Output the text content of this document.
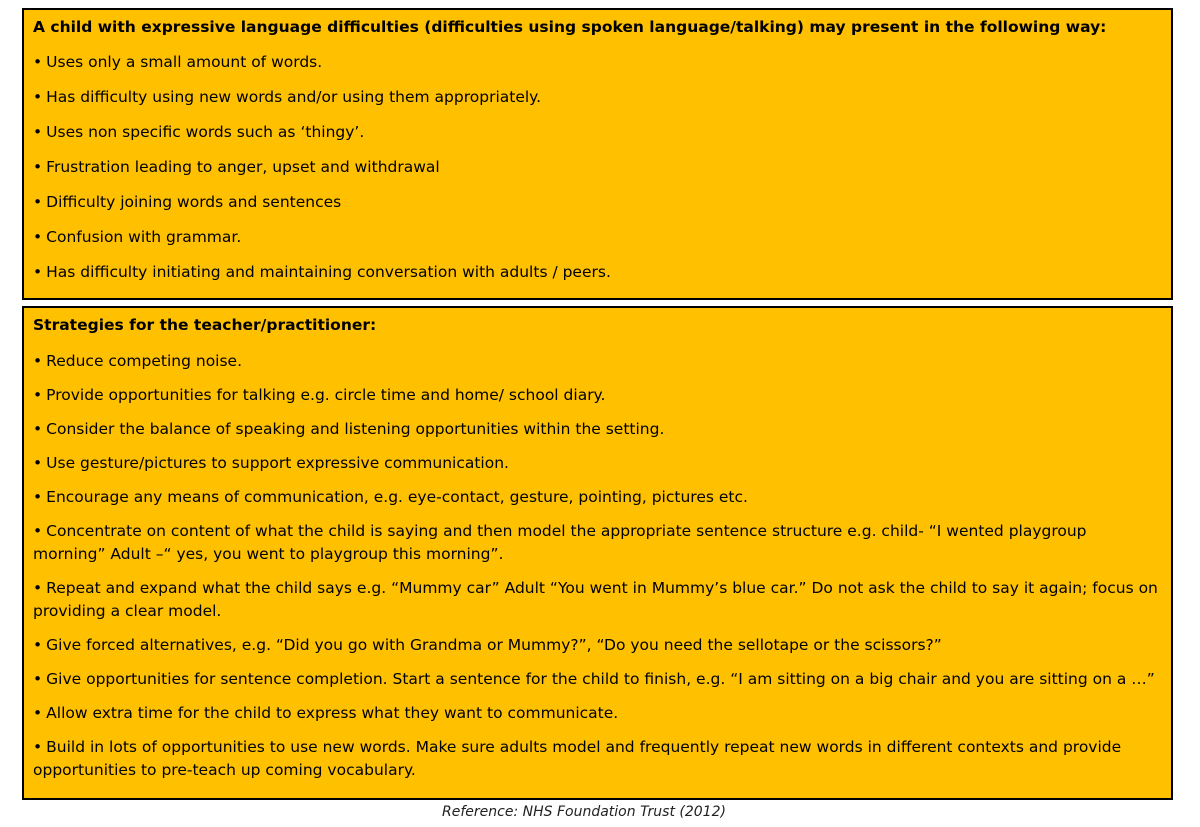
A child with expressive language difficulties (difficulties using spoken language/talking) may present in the following way:
• Uses only a small amount of words.
• Has difficulty using new words and/or using them appropriately.
• Uses non specific words such as ‘thingy’.
• Frustration leading to anger, upset and withdrawal
• Difficulty joining words and sentences
• Confusion with grammar.
• Has difficulty initiating and maintaining conversation with adults / peers.
Strategies for the teacher/practitioner:
• Reduce competing noise.
• Provide opportunities for talking e.g. circle time and home/ school diary.
• Consider the balance of speaking and listening opportunities within the setting.
• Use gesture/pictures to support expressive communication.
• Encourage any means of communication, e.g. eye-contact, gesture, pointing, pictures etc.
• Concentrate on content of what the child is saying and then model the appropriate sentence structure e.g. child- “I wented playgroup morning” Adult –“ yes, you went to playgroup this morning”.
• Repeat and expand what the child says e.g. “Mummy car” Adult “You went in Mummy’s blue car.” Do not ask the child to say it again; focus on providing a clear model.
• Give forced alternatives, e.g. “Did you go with Grandma or Mummy?”, “Do you need the sellotape or the scissors?”
• Give opportunities for sentence completion. Start a sentence for the child to finish, e.g. “I am sitting on a big chair and you are sitting on a …”
• Allow extra time for the child to express what they want to communicate.
• Build in lots of opportunities to use new words. Make sure adults model and frequently repeat new words in different contexts and provide opportunities to pre-teach up coming vocabulary.
Reference: NHS Foundation Trust (2012)
